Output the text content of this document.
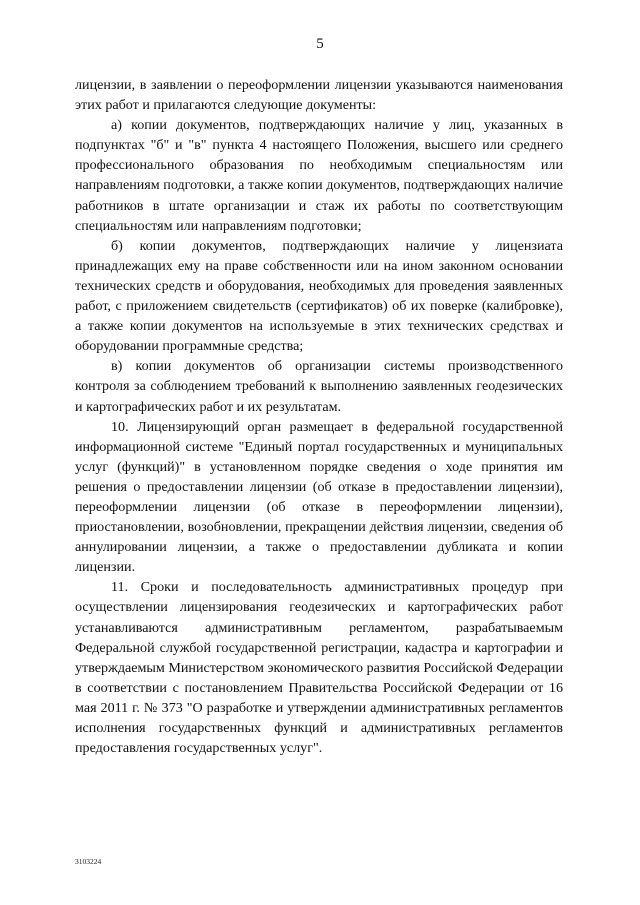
5

лицензии, в заявлении о переоформлении лицензии указываются наименования этих работ и прилагаются следующие документы:

а) копии документов, подтверждающих наличие у лиц, указанных в подпунктах "б" и "в" пункта 4 настоящего Положения, высшего или среднего профессионального образования по необходимым специальностям или направлениям подготовки, а также копии документов, подтверждающих наличие работников в штате организации и стаж их работы по соответствующим специальностям или направлениям подготовки;

б) копии документов, подтверждающих наличие у лицензиата принадлежащих ему на праве собственности или на ином законном основании технических средств и оборудования, необходимых для проведения заявленных работ, с приложением свидетельств (сертификатов) об их поверке (калибровке), а также копии документов на используемые в этих технических средствах и оборудовании программные средства;

в) копии документов об организации системы производственного контроля за соблюдением требований к выполнению заявленных геодезических и картографических работ и их результатам.

10. Лицензирующий орган размещает в федеральной государственной информационной системе "Единый портал государственных и муниципальных услуг (функций)" в установленном порядке сведения о ходе принятия им решения о предоставлении лицензии (об отказе в предоставлении лицензии), переоформлении лицензии (об отказе в переоформлении лицензии), приостановлении, возобновлении, прекращении действия лицензии, сведения об аннулировании лицензии, а также о предоставлении дубликата и копии лицензии.

11. Сроки и последовательность административных процедур при осуществлении лицензирования геодезических и картографических работ устанавливаются административным регламентом, разрабатываемым Федеральной службой государственной регистрации, кадастра и картографии и утверждаемым Министерством экономического развития Российской Федерации в соответствии с постановлением Правительства Российской Федерации от 16 мая 2011 г. № 373 "О разработке и утверждении административных регламентов исполнения государственных функций и административных регламентов предоставления государственных услуг".

3103224
